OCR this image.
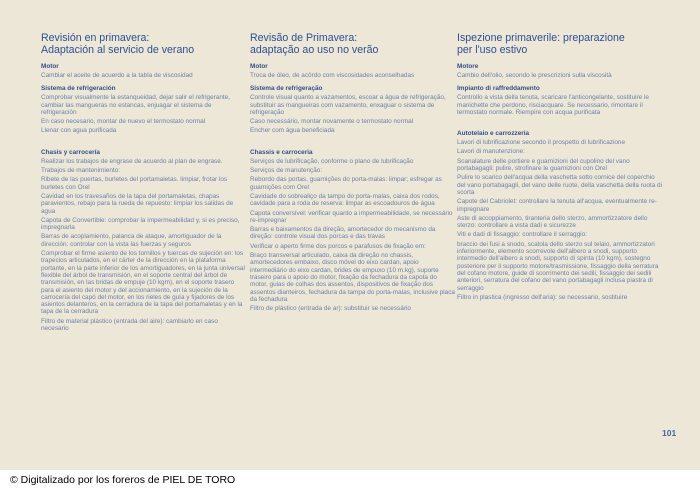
Revisión en primavera:
Adaptación al servicio de verano
Motor
Cambiar el aceite de acuerdo a la tabla de viscosidad
Sistema de refrigeración
Comprobar visualmente la estanqueidad, dejar salir el refrigerante, cambiar las mangueras no estancas, enjuagar el sistema de refrigeración
En caso necesario, montar de nuevo el termostato normal
Llenar con agua purificada
Chasis y carrocería
Realizar los trabajos de engrase de acuerdo al plan de engrase.
Trabajos de mantenimiento:
Ribete de las puertas, burletes del portamaletas. limpiar, frotar los burletes con Orel
Cavidad en los travesaños de la tapa del portamaletas, chapas paravientos, rebajo para la rueda de repuesto: limpiar los salidas de agua
Capota de Convertible: comprobar la impermeabilidad y, si es preciso, impregnarla
Barras de acoplamiento, palanca de ataque, amortiguador de la dirección: controlar con la vista las fuerzas y seguros
Comprobar el firme asiento de los tornillos y tuercas de sujeción en: los trapecios articulados, en el cárter de la dirección en la plataforma portante, en la parte inferior de los amortiguadores, en la junta universal flexible del árbol de transmisión, en el soporte central del árbol de transmisión, en las bridas de empuje (10 kgm), en el soporte trasero para el asiento del motor y del accionamiento, en la sujeción de la carrocería del capó del motor, en los rieles de guía y fijadores de los asientos delanteros, en la cerradura de la tapa del portamaletas y en la tapa de la cerradura
Filtro de material plástico (entrada del aire): cambiarlo en caso necesario
Revisão de Primavera:
adaptação ao uso no verão
Motor
Troca de óleo, de acôrdo com viscosidades aconselhadas
Sistema de refrigeração
Controle visual quanto a vazamentos, escoar a água de refrigeração, substituir as mangueiras com vazamento, enxaguar o sistema de refrigeração
Caso necessário, montar novamente o termostato normal
Encher com água beneficiada
Chassis e carroceria
Serviços de lubrificação, conforme o plano de lubrificação
Serviços de manutenção:
Rebordo das portas, guarnições do porta-malas: limpar; esfregar as guarnições com Orel
Cavidade do sobrealiço da tampo do porta-malas, caixa dos rodos, cavidade para a roda de reserva: limpar as escoadouros de água
Capota conversível: verificar quanto a impermeabilidade, se necessário re-impregnar
Barras e baixamentos da direção, amortecedor do mecanismo da direção: controle visual dos porcas e das travas
Verificar o aperto firme dos porcos e parafusos de fixação em:
Braço transversal articulado, caixa da direção no chassis, amortecedores embaixo, disco móvel do eixo cardan, apoio intermediário do eixo cardan, brides de empuxo (10 m.kg), suporte traseiro para o apoio do motor, fixação da fechadura da capota do motor, guias de colhas dos assentos, dispositivos de fixação dos assentos dianteiros, fechadura da tampa do porta-malas, inclusive placa da fechadura
Filtro de plástico (entrada de ar): substituir se necessário
Ispezione primaverile: preparazione
per l'uso estivo
Motore
Cambio dell'olio, secondo le prescrizioni sulla viscosità
Impianto di raffreddamento
Controllo a vista della tenuta, scaricare l'anticongelante, sostituire le manichette che perdono, risciacquare. Se necessario, rimontare il termostato normale. Riempire con acqua purificata
Autotelaio e carrozzeria
Lavori di lubrificazione secondo il prospetto di lubrificazione
Lavori di manutenzione:
Scanalature delle portiere e guarnizioni del cupolino del vano portabagagli: pulire, strofinare le guarnizioni con Orel
Pulire lo scarico dell'acqua della vaschetta sotto cornice del coperchio del vano portabagagli, del vano delle ruote, della vaschetta della ruota di scorta
Capote del Cabriolet: controllare la tenuta all'acqua, eventualmente re-impregnare
Aste di accoppiamento, tiranteria dello sterzo, ammortizzatore dello sterzo: controllare a vista dadi e sicurezze
Viti e dadi di fissaggio: controllare il serraggio:
braccio dei fusi a snodo, scatola dello sterzo sul telaio, ammortizzatori inferiormente, elemento scorrevole dell'albero a snodi, supporto intermedio dell'albero a snodi, supporto di spinta (10 kgm), sostegno posteriore per il supporto motore/trasmissione, fissaggio della serratura del cofano motore, guide di scorrimento dei sedili, fissaggio dei sedili anteriori, serratura del cofano del vano portabagagli inclusa piastra di serraggio
Filtro in plastica (ingresso dell'aria): se necessario, sostituire
101
© Digitalizado por los foreros de PIEL DE TORO
